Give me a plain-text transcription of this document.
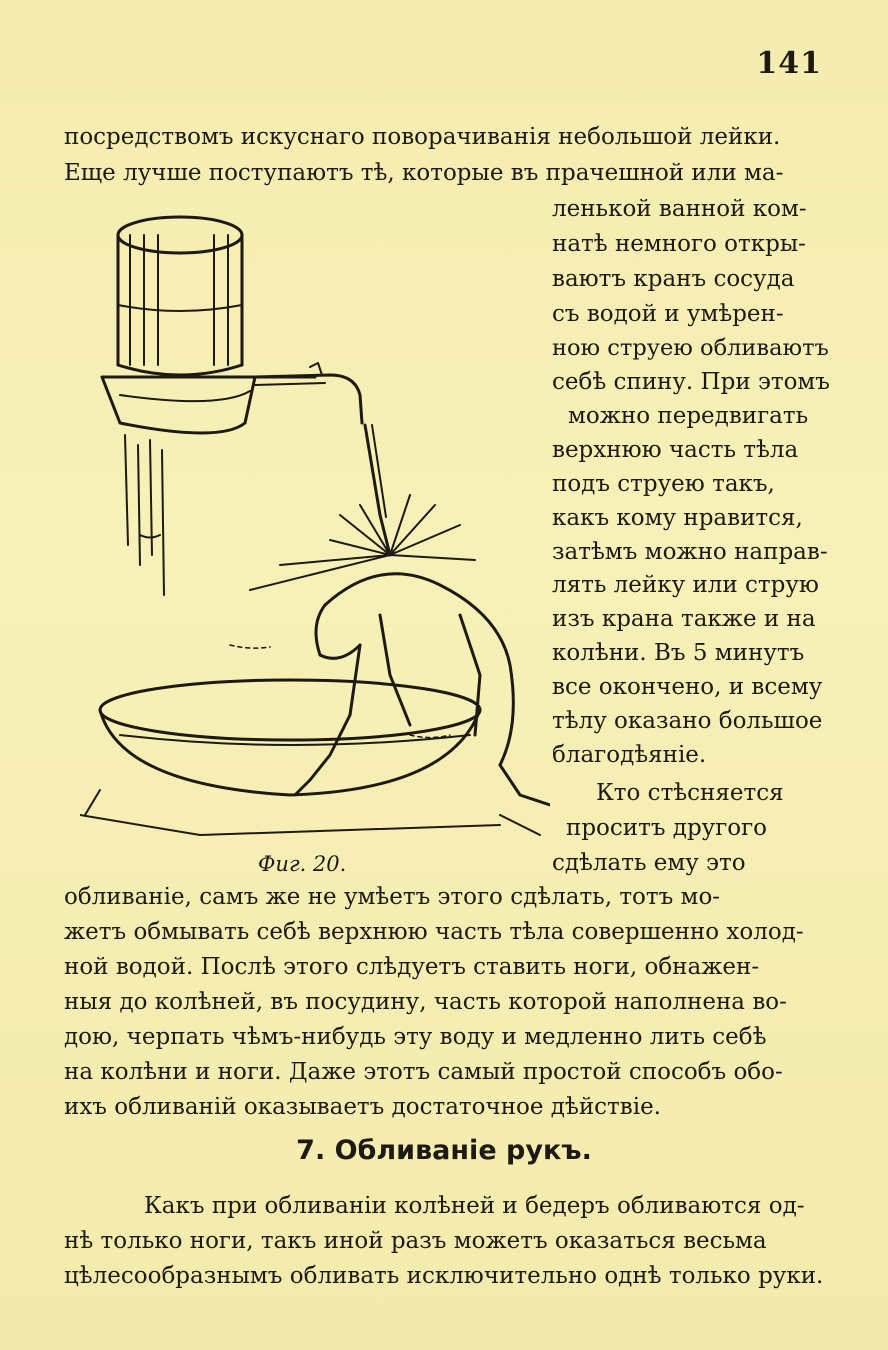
141
посредствомъ искуснаго поворачиванія небольшой лейки.
Еще лучше поступаютъ тѣ, которые въ прачешной или ма-
ленькой ванной ком-
натѣ немного откры-
ваютъ кранъ сосуда
съ водой и умѣрен-
ною струею обливаютъ
себѣ спину. При этомъ
можно передвигать
верхнюю часть тѣла
подъ струею такъ,
какъ кому нравится,
затѣмъ можно направ-
лять лейку или струю
изъ крана также и на
колѣни. Въ 5 минутъ
все окончено, и всему
тѣлу оказано большое
благодѣяніе.
Кто стѣсняется
проситъ другого
сдѣлать ему это
Фиг. 20.
обливаніе, самъ же не умѣетъ этого сдѣлать, тотъ мо-
жетъ обмывать себѣ верхнюю часть тѣла совершенно холод-
ной водой. Послѣ этого слѣдуетъ ставить ноги, обнажен-
ныя до колѣней, въ посудину, часть которой наполнена во-
дою, черпать чѣмъ-нибудь эту воду и медленно лить себѣ
на колѣни и ноги. Даже этотъ самый простой способъ обо-
ихъ обливаній оказываетъ достаточное дѣйствіе.
7. Обливаніе рукъ.
Какъ при обливаніи колѣней и бедеръ обливаются од-
нѣ только ноги, такъ иной разъ можетъ оказаться весьма
цѣлесообразнымъ обливать исключительно однѣ только руки.
